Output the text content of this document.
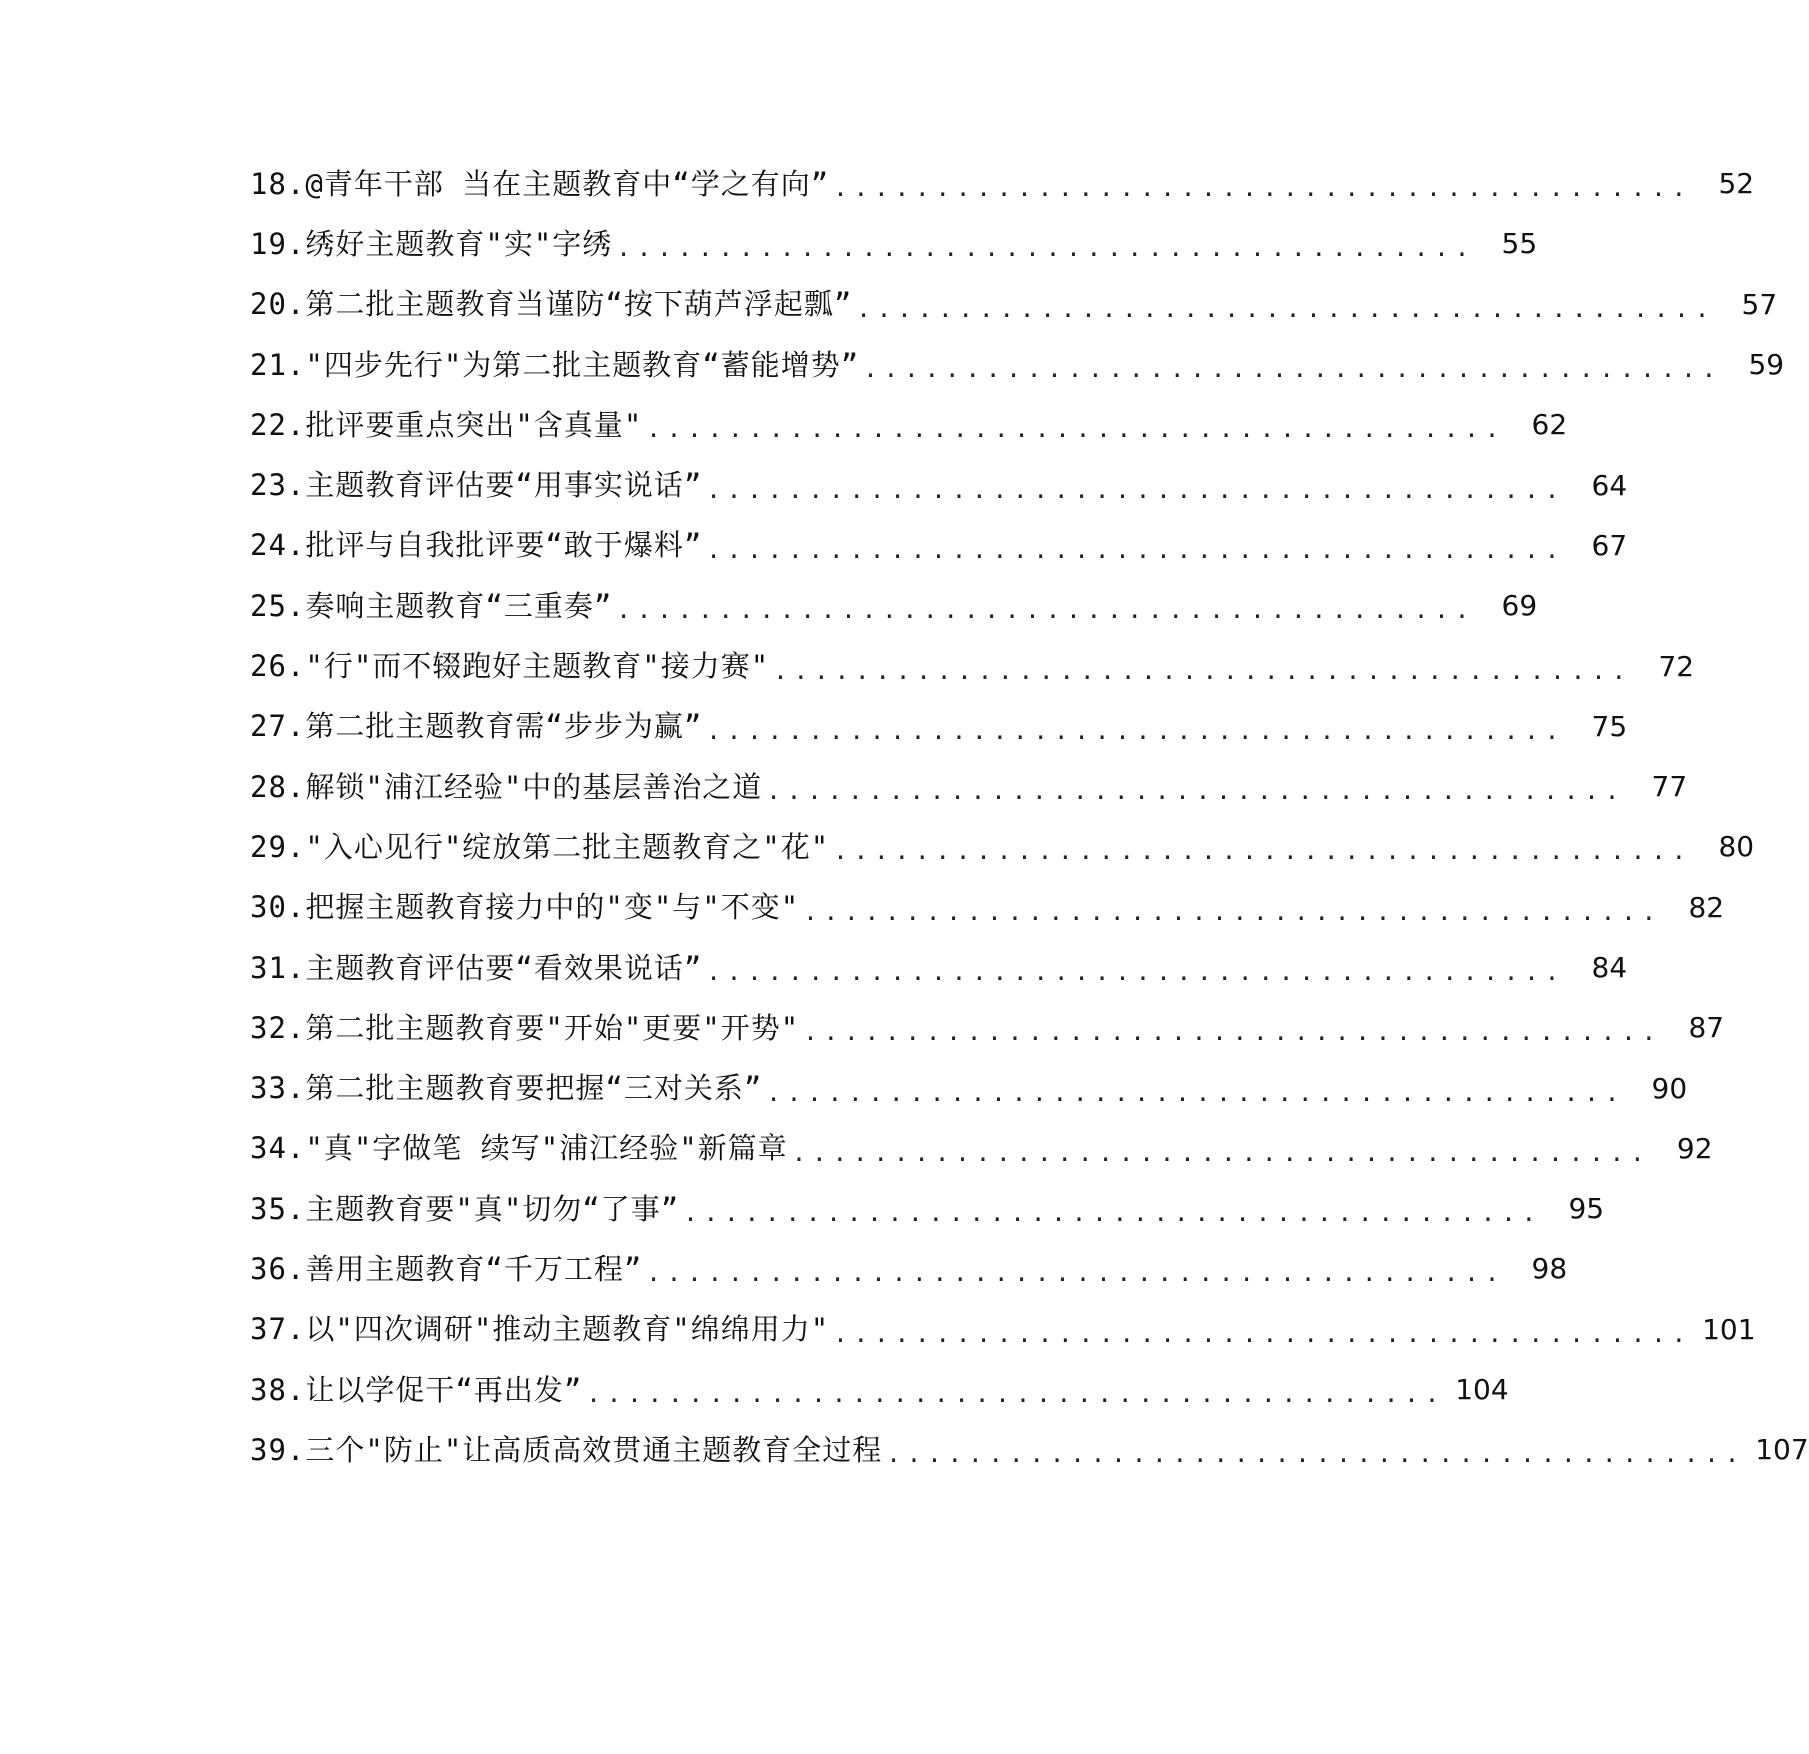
18.@青年干部 当在主题教育中“学之有向” .......................................... 52
19.绣好主题教育"实"字绣 .......................................... 55
20.第二批主题教育当谨防“按下葫芦浮起瓢” .......................................... 57
21."四步先行"为第二批主题教育“蓄能增势” .......................................... 59
22.批评要重点突出"含真量" .......................................... 62
23.主题教育评估要“用事实说话” .......................................... 64
24.批评与自我批评要“敢于爆料” .......................................... 67
25.奏响主题教育“三重奏” .......................................... 69
26."行"而不辍跑好主题教育"接力赛" .......................................... 72
27.第二批主题教育需“步步为赢” .......................................... 75
28.解锁"浦江经验"中的基层善治之道 .......................................... 77
29."入心见行"绽放第二批主题教育之"花" .......................................... 80
30.把握主题教育接力中的"变"与"不变" .......................................... 82
31.主题教育评估要“看效果说话” .......................................... 84
32.第二批主题教育要"开始"更要"开势" .......................................... 87
33.第二批主题教育要把握“三对关系” .......................................... 90
34."真"字做笔 续写"浦江经验"新篇章 .......................................... 92
35.主题教育要"真"切勿“了事” .......................................... 95
36.善用主题教育“千万工程” .......................................... 98
37.以"四次调研"推动主题教育"绵绵用力" .......................................... 101
38.让以学促干“再出发” .......................................... 104
39.三个"防止"让高质高效贯通主题教育全过程 .......................................... 107
